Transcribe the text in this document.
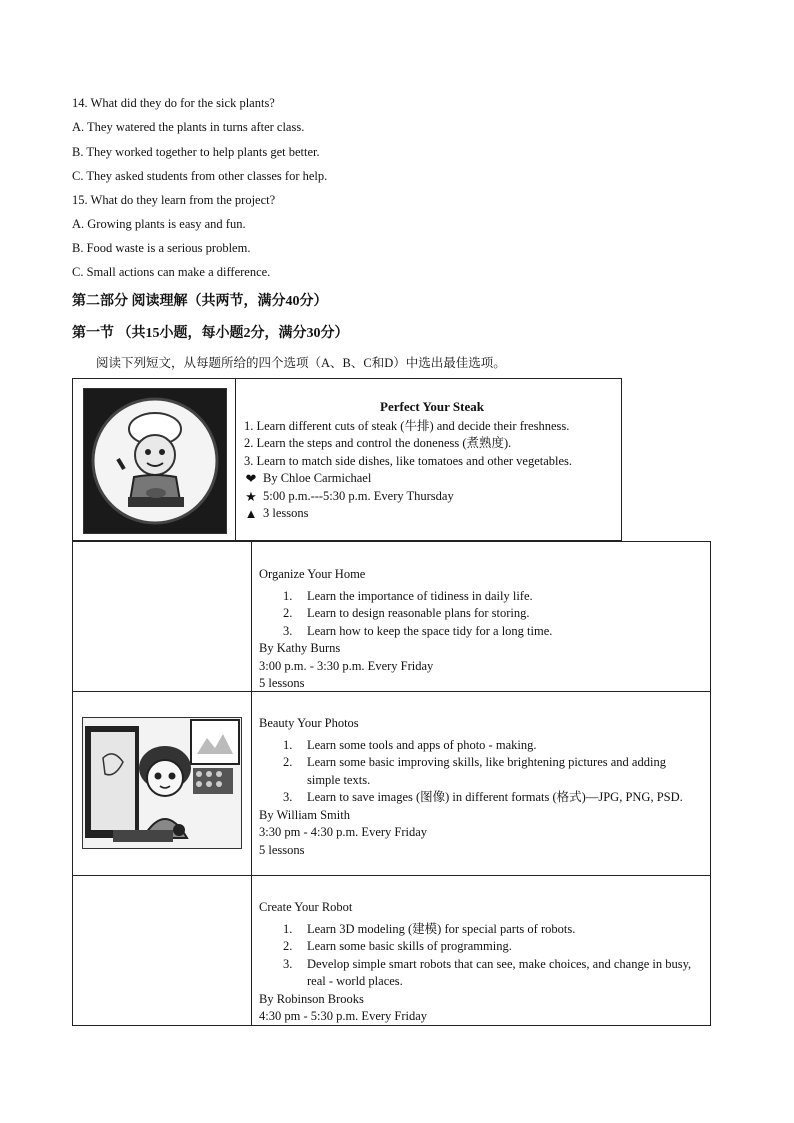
14. What did they do for the sick plants?
A. They watered the plants in turns after class.
B. They worked together to help plants get better.
C. They asked students from other classes for help.
15. What do they learn from the project?
A. Growing plants is easy and fun.
B. Food waste is a serious problem.
C. Small actions can make a difference.
第二部分 阅读理解（共两节，满分40分）
第一节 （共15小题，每小题2分，满分30分）
阅读下列短文，从每题所给的四个选项（A、B、C和D）中选出最佳选项。
Perfect Your Steak
1. Learn different cuts of steak (牛排) and decide their freshness.
2. Learn the steps and control the doneness (煮熟度).
3. Learn to match side dishes, like tomatoes and other vegetables.
❤ By Chloe Carmichael
★ 5:00 p.m.---5:30 p.m. Every Thursday
▲ 3 lessons
Organize Your Home
1.	Learn the importance of tidiness in daily life.
2.	Learn to design reasonable plans for storing.
3.	Learn how to keep the space tidy for a long time.
By Kathy Burns
3:00 p.m. - 3:30 p.m. Every Friday
5 lessons
Beauty Your Photos
1.	Learn some tools and apps of photo - making.
2.	Learn some basic improving skills, like brightening pictures and adding simple texts.
3.	Learn to save images (图像) in different formats (格式)—JPG, PNG, PSD.
By William Smith
3:30 pm - 4:30 p.m. Every Friday
5 lessons
Create Your Robot
1.	Learn 3D modeling (建模) for special parts of robots.
2.	Learn some basic skills of programming.
3.	Develop simple smart robots that can see, make choices, and change in busy, real - world places.
By Robinson Brooks
4:30 pm - 5:30 p.m. Every Friday
